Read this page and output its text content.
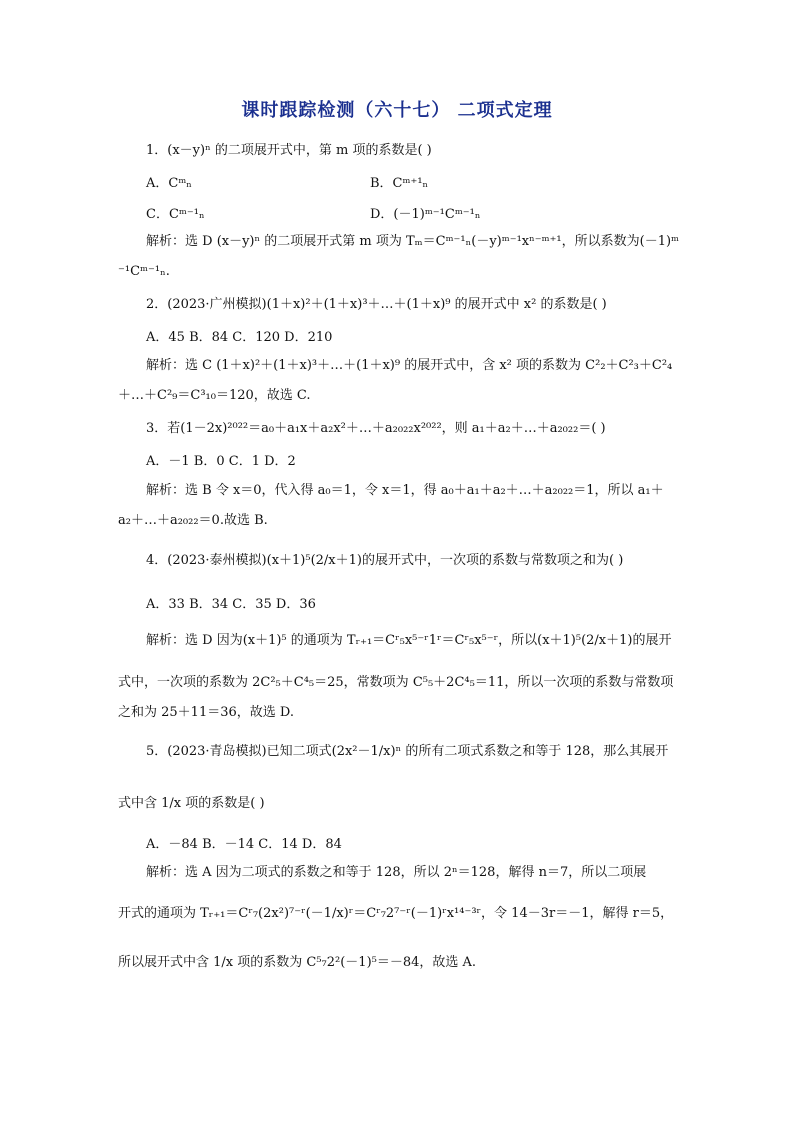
课时跟踪检测（六十七） 二项式定理
1．(x－y)ⁿ 的二项展开式中，第 m 项的系数是( )
A．Cᵐₙ	B．Cᵐ⁺¹ₙ
C．Cᵐ⁻¹ₙ	D．(－1)ᵐ⁻¹Cᵐ⁻¹ₙ
解析：选 D (x－y)ⁿ 的二项展开式第 m 项为 Tₘ＝Cᵐ⁻¹ₙ(－y)ᵐ⁻¹xⁿ⁻ᵐ⁺¹，所以系数为(－1)ᵐ
⁻¹Cᵐ⁻¹ₙ.
2．(2023·广州模拟)(1＋x)²＋(1＋x)³＋…＋(1＋x)⁹ 的展开式中 x² 的系数是( )
A．45 B．84 C．120 D．210
解析：选 C (1＋x)²＋(1＋x)³＋…＋(1＋x)⁹ 的展开式中，含 x² 项的系数为 C²₂＋C²₃＋C²₄
＋…＋C²₉＝C³₁₀＝120，故选 C.
3．若(1－2x)²⁰²²＝a₀＋a₁x＋a₂x²＋…＋a₂₀₂₂x²⁰²²，则 a₁＋a₂＋…＋a₂₀₂₂＝( )
A．－1 B．0 C．1 D．2
解析：选 B 令 x＝0，代入得 a₀＝1，令 x＝1，得 a₀＋a₁＋a₂＋…＋a₂₀₂₂＝1，所以 a₁＋
a₂＋…＋a₂₀₂₂＝0.故选 B.
4．(2023·泰州模拟)(x＋1)⁵(2/x＋1)的展开式中，一次项的系数与常数项之和为( )
A．33 B．34 C．35 D．36
解析：选 D 因为(x＋1)⁵ 的通项为 Tᵣ₊₁＝Cʳ₅x⁵⁻ʳ1ʳ＝Cʳ₅x⁵⁻ʳ，所以(x＋1)⁵(2/x＋1)的展开
式中，一次项的系数为 2C²₅＋C⁴₅＝25，常数项为 C⁵₅＋2C⁴₅＝11，所以一次项的系数与常数项
之和为 25＋11＝36，故选 D.
5．(2023·青岛模拟)已知二项式(2x²－1/x)ⁿ 的所有二项式系数之和等于 128，那么其展开
式中含 1/x 项的系数是( )
A．－84 B．－14 C．14 D．84
解析：选 A 因为二项式的系数之和等于 128，所以 2ⁿ＝128，解得 n＝7，所以二项展
开式的通项为 Tᵣ₊₁＝Cʳ₇(2x²)⁷⁻ʳ(－1/x)ʳ＝Cʳ₇2⁷⁻ʳ(－1)ʳx¹⁴⁻³ʳ，令 14－3r＝－1，解得 r＝5，
所以展开式中含 1/x 项的系数为 C⁵₇2²(－1)⁵＝－84，故选 A.
